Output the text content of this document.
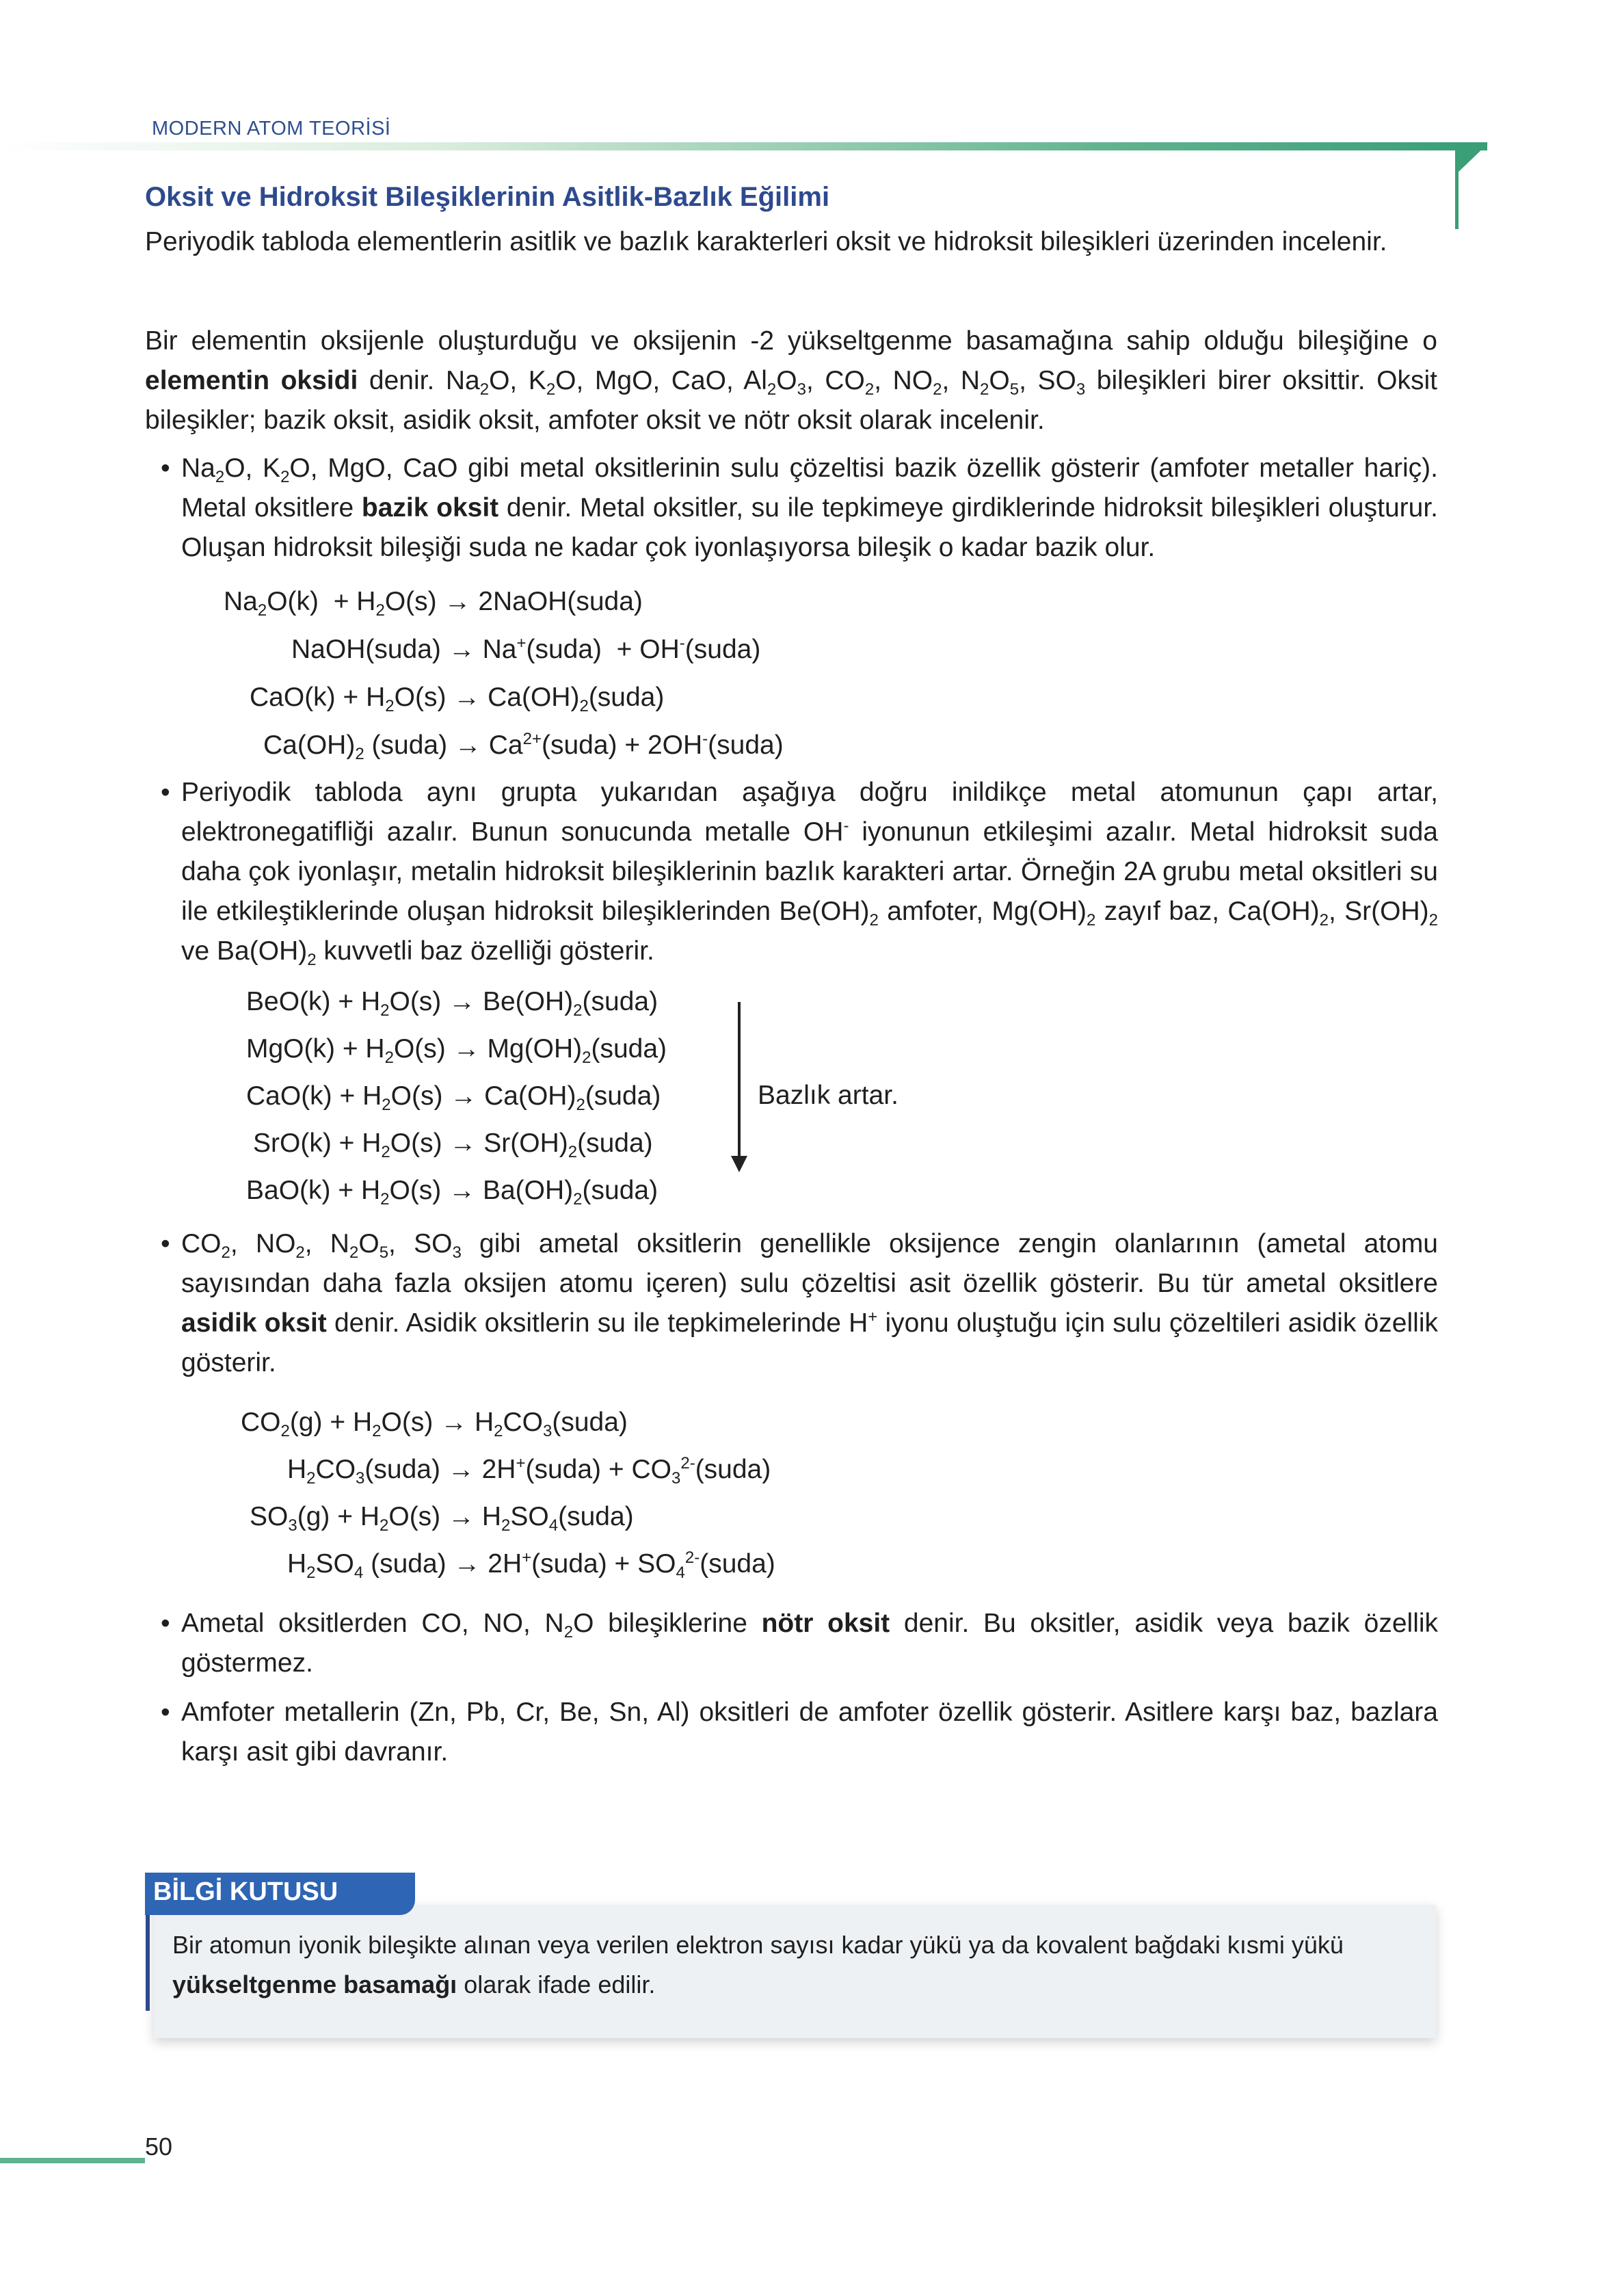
MODERN ATOM TEORİSİ
Oksit ve Hidroksit Bileşiklerinin Asitlik-Bazlık Eğilimi
Periyodik tabloda elementlerin asitlik ve bazlık karakterleri oksit ve hidroksit bileşikleri üzerinden incelenir.
Bir elementin oksijenle oluşturduğu ve oksijenin -2 yükseltgenme basamağına sahip olduğu bileşiğine o elementin oksidi denir. $Na_2O$, $K_2O$, MgO, CaO, $Al_2O_3$, $CO_2$, $NO_2$, $N_2O_5$, $SO_3$ bileşikleri birer oksittir. Oksit bileşikler; bazik oksit, asidik oksit, amfoter oksit ve nötr oksit olarak incelenir.
• $Na_2O$, $K_2O$, MgO, CaO gibi metal oksitlerinin sulu çözeltisi bazik özellik gösterir (amfoter metaller hariç). Metal oksitlere bazik oksit denir. Metal oksitler, su ile tepkimeye girdiklerinde hidroksit bileşikleri oluşturur. Oluşan hidroksit bileşiği suda ne kadar çok iyonlaşıyorsa bileşik o kadar bazik olur.
$Na_2O(k) + H_2O(s)$ → 2NaOH(suda)
NaOH(suda) → Na+(suda)  + OH-(suda)
$CaO(k) + H_2O(s)$ → $Ca(OH)_2(suda)$
$Ca(OH)_2$ (suda) → $Ca^{2+}(suda)$ + 2OH-(suda)
• Periyodik tabloda aynı grupta yukarıdan aşağıya doğru inildikçe metal atomunun çapı artar, elektronegatifliği azalır. Bunun sonucunda metalle OH- iyonunun etkileşimi azalır. Metal hidroksit suda daha çok iyonlaşır, metalin hidroksit bileşiklerinin bazlık karakteri artar. Örneğin 2A grubu metal oksitleri su ile etkileştiklerinde oluşan hidroksit bileşiklerinden $Be(OH)_2$ amfoter, $Mg(OH)_2$ zayıf baz, $Ca(OH)_2$, $Sr(OH)_2$ ve $Ba(OH)_2$ kuvvetli baz özelliği gösterir.
$BeO(k) + H_2O(s)$ → $Be(OH)_2(suda)$
$MgO(k) + H_2O(s)$ → $Mg(OH)_2(suda)$
$CaO(k) + H_2O(s)$ → $Ca(OH)_2(suda)$
$SrO(k) + H_2O(s)$ → $Sr(OH)_2(suda)$
$BaO(k) + H_2O(s)$ → $Ba(OH)_2(suda)$
Bazlık artar.
• $CO_2$, $NO_2$, $N_2O_5$, $SO_3$ gibi ametal oksitlerin genellikle oksijence zengin olanlarının (ametal atomu sayısından daha fazla oksijen atomu içeren) sulu çözeltisi asit özellik gösterir. Bu tür ametal oksitlere asidik oksit denir. Asidik oksitlerin su ile tepkimelerinde H+ iyonu oluştuğu için sulu çözeltileri asidik özellik gösterir.
$CO_2(g) + H_2O(s)$ → $H_2CO_3(suda)$
$H_2CO_3(suda)$ → 2H+(suda) + $CO_3^{2-}(suda)$
$SO_3(g) + H_2O(s)$ → $H_2SO_4(suda)$
$H_2SO_4$ (suda) → 2H+(suda) + $SO_4^{2-}(suda)$
• Ametal oksitlerden CO, NO, $N_2O$ bileşiklerine nötr oksit denir. Bu oksitler, asidik veya bazik özellik göstermez.
• Amfoter metallerin (Zn, Pb, Cr, Be, Sn, Al) oksitleri de amfoter özellik gösterir. Asitlere karşı baz, bazlara karşı asit gibi davranır.
BİLGİ KUTUSU
Bir atomun iyonik bileşikte alınan veya verilen elektron sayısı kadar yükü ya da kovalent bağdaki kısmi yükü yükseltgenme basamağı olarak ifade edilir.
50
